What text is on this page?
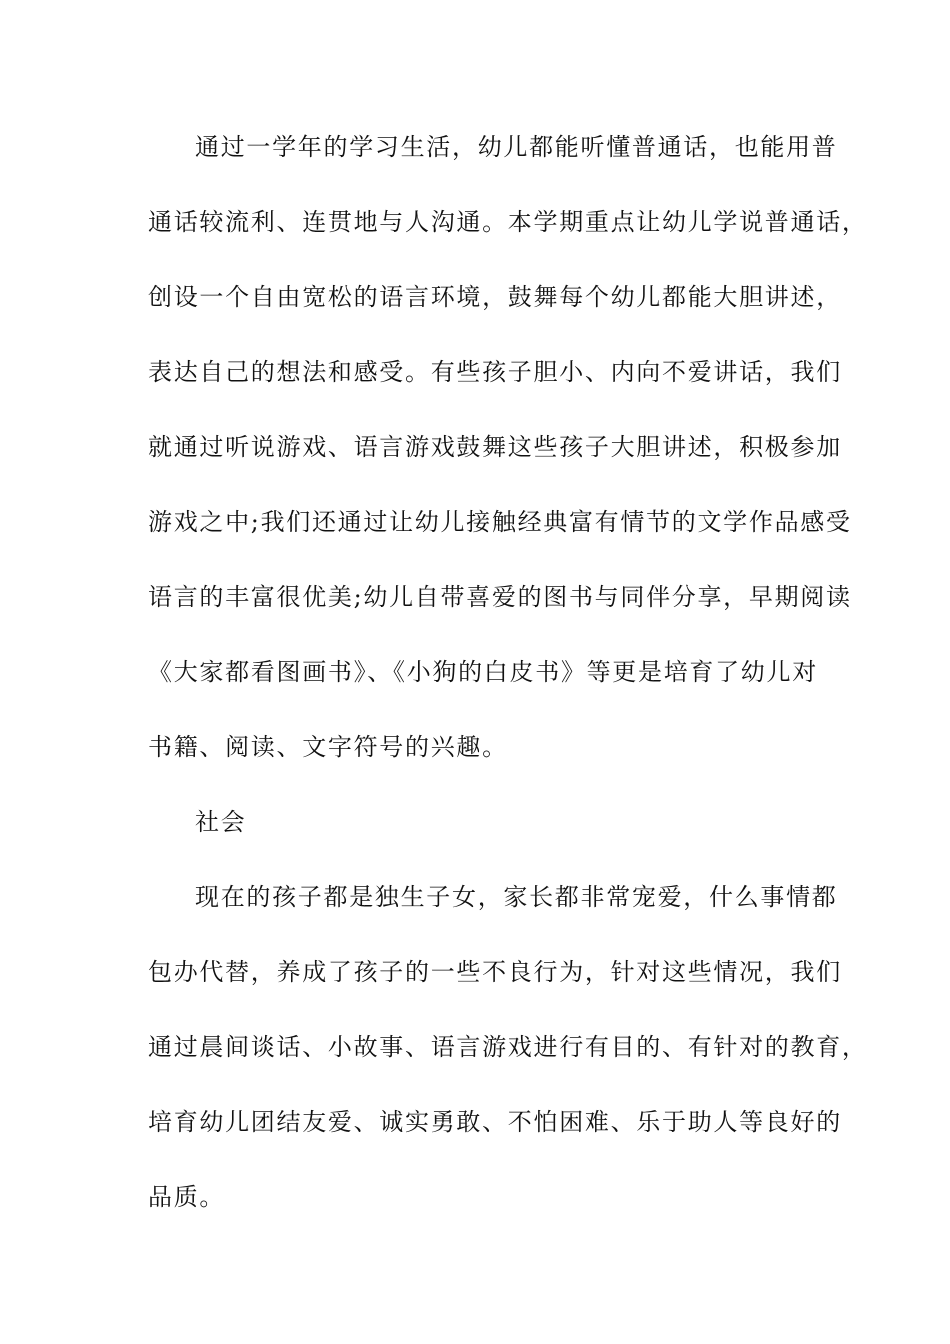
通过一学年的学习生活，幼儿都能听懂普通话，也能用普
通话较流利、连贯地与人沟通。本学期重点让幼儿学说普通话，
创设一个自由宽松的语言环境，鼓舞每个幼儿都能大胆讲述，
表达自己的想法和感受。有些孩子胆小、内向不爱讲话，我们
就通过听说游戏、语言游戏鼓舞这些孩子大胆讲述，积极参加
游戏之中;我们还通过让幼儿接触经典富有情节的文学作品感受
语言的丰富很优美;幼儿自带喜爱的图书与同伴分享，早期阅读
《大家都看图画书》、《小狗的白皮书》等更是培育了幼儿对
书籍、阅读、文字符号的兴趣。
社会
现在的孩子都是独生子女，家长都非常宠爱，什么事情都
包办代替，养成了孩子的一些不良行为，针对这些情况，我们
通过晨间谈话、小故事、语言游戏进行有目的、有针对的教育，
培育幼儿团结友爱、诚实勇敢、不怕困难、乐于助人等良好的
品质。
